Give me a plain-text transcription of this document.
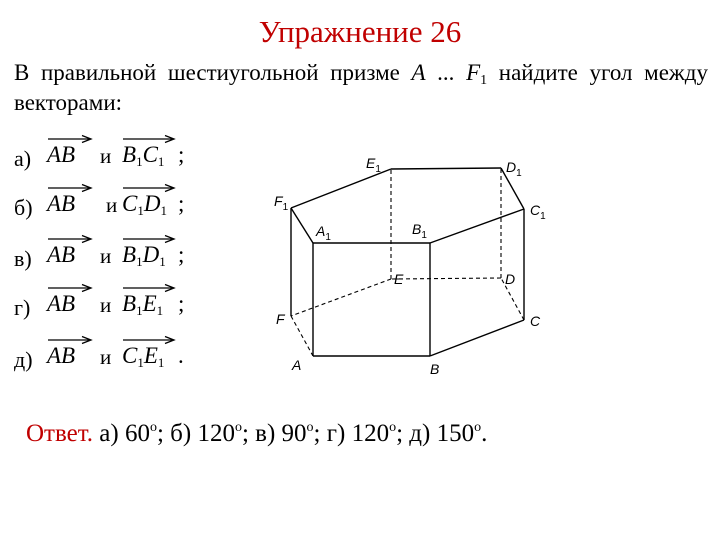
Упражнение 26
В правильной шестиугольной призме A ... $F_1$ найдите угол между векторами:
а) AB и $B_1C_1$ ;
б) AB и $C_1D_1$ ;
в) AB и $B_1D_1$ ;
г) AB и $B_1E_1$ ;
д) AB и $C_1E_1$ .
Ответ. а) 60$^o$; б) 120$^o$; в) 90$^o$; г) 120$^o$; д) 150$^o$.
$E_1$	$D_1$
$F_1$	$C_1$
$A_1$
$B_1$
E	D
F	C
A	B
